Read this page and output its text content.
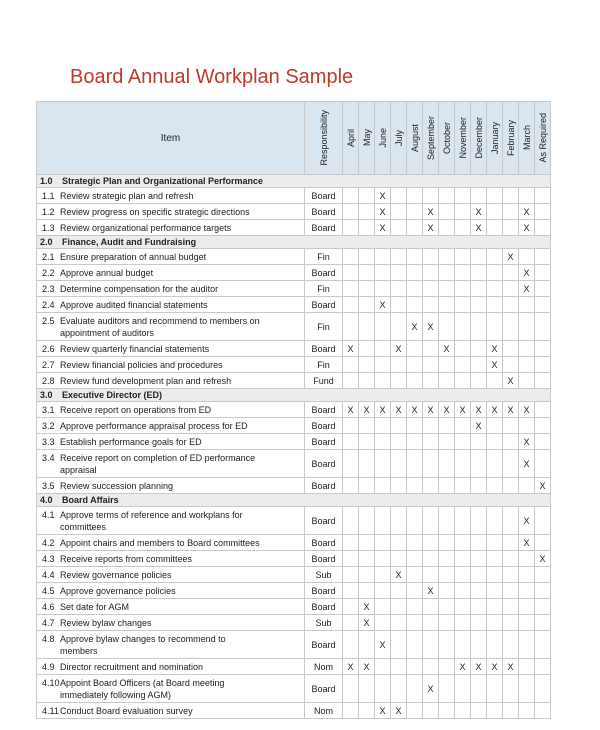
Board Annual Workplan Sample
Item	Responsibility	April	May	June	July	August	September	October	November	December	January	February	March	As Required

1.0 Strategic Plan and Organizational Performance														

1.1 Review strategic plan and refresh	Board			X										

1.2 Review progress on specific strategic directions	Board			X			X			X			X	

1.3 Review organizational performance targets	Board			X			X			X			X	
2.0 Finance, Audit and Fundraising														

2.1 Ensure preparation of annual budget	Fin											X		

2.2 Approve annual budget	Board												X	

2.3 Determine compensation for the auditor	Fin												X	

2.4 Approve audited financial statements	Board			X										

2.5 Evaluate auditors and recommend to members on appointment of auditors	Fin					X	X							

2.6 Review quarterly financial statements	Board	X			X			X			X			

2.7 Review financial policies and procedures	Fin										X			

2.8 Review fund development plan and refresh	Fund											X		
3.0 Executive Director (ED)														

3.1 Receive report on operations from ED	Board	X	X	X	X	X	X	X	X	X	X	X	X	

3.2 Approve performance appraisal process for ED	Board									X				

3.3 Establish performance goals for ED	Board												X	

3.4 Receive report on completion of ED performance appraisal	Board												X	

3.5 Review succession planning	Board													X
4.0 Board Affairs														

4.1 Approve terms of reference and workplans for committees	Board												X	

4.2 Appoint chairs and members to Board committees	Board												X	

4.3 Receive reports from committees	Board													X

4.4 Review governance policies	Sub				X									

4.5 Approve governance policies	Board						X							

4.6 Set date for AGM	Board		X											

4.7 Review bylaw changes	Sub		X											

4.8 Approve bylaw changes to recommend to members	Board			X										

4.9 Director recruitment and nomination	Nom	X	X						X	X	X	X		

4.10 Appoint Board Officers (at Board meeting immediately following AGM)	Board						X							

4.11 Conduct Board evaluation survey	Nom			X	X									
